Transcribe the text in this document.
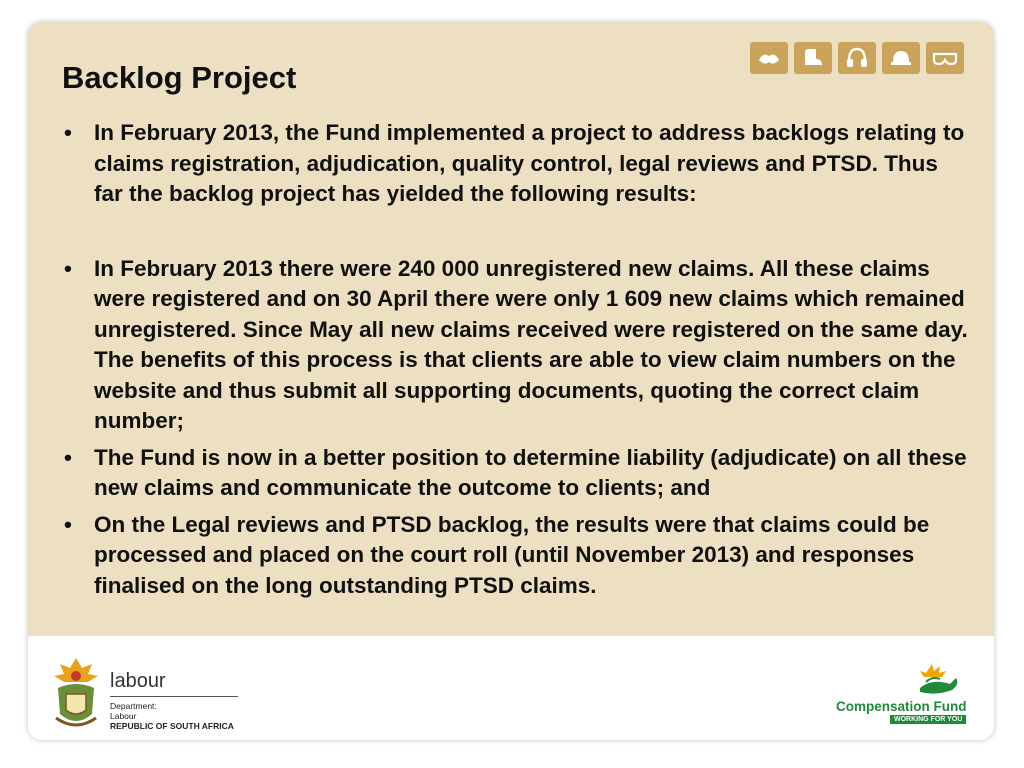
Backlog Project
• In February 2013, the Fund implemented a project to address backlogs relating to claims registration, adjudication, quality control, legal reviews and PTSD. Thus far the backlog project has yielded the following results:
• In February 2013 there were 240 000 unregistered new claims. All these claims were registered and on 30 April there were only 1 609 new claims which remained unregistered. Since May all new claims received were registered on the same day. The benefits of this process is that clients are able to view claim numbers on the website and thus submit all supporting documents, quoting the correct claim number;
• The Fund is now in a better position to determine liability (adjudicate) on all these new claims and communicate the outcome to clients; and
• On the Legal reviews and PTSD backlog, the results were that claims could be processed and placed on the court roll (until November 2013) and responses finalised on the long outstanding PTSD claims.
labour
Department:
Labour
REPUBLIC OF SOUTH AFRICA
Compensation Fund
WORKING FOR YOU
